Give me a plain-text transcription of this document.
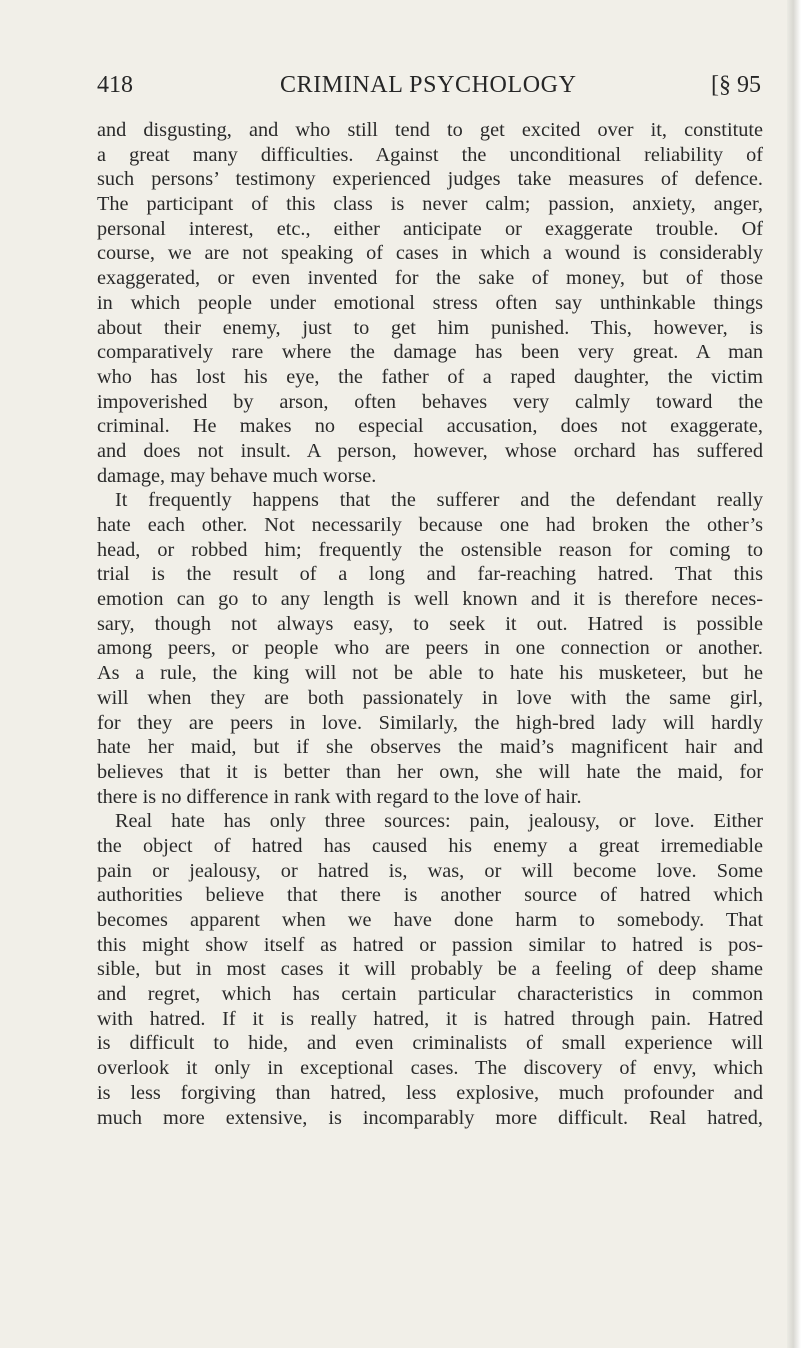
418	CRIMINAL PSYCHOLOGY	[§ 95
and disgusting, and who still tend to get excited over it, constitute
a great many difficulties. Against the unconditional reliability of
such persons’ testimony experienced judges take measures of defence.
The participant of this class is never calm; passion, anxiety, anger,
personal interest, etc., either anticipate or exaggerate trouble. Of
course, we are not speaking of cases in which a wound is considerably
exaggerated, or even invented for the sake of money, but of those
in which people under emotional stress often say unthinkable things
about their enemy, just to get him punished. This, however, is
comparatively rare where the damage has been very great. A man
who has lost his eye, the father of a raped daughter, the victim
impoverished by arson, often behaves very calmly toward the
criminal. He makes no especial accusation, does not exaggerate,
and does not insult. A person, however, whose orchard has suffered
damage, may behave much worse.
It frequently happens that the sufferer and the defendant really
hate each other. Not necessarily because one had broken the other’s
head, or robbed him; frequently the ostensible reason for coming to
trial is the result of a long and far-reaching hatred. That this
emotion can go to any length is well known and it is therefore neces-
sary, though not always easy, to seek it out. Hatred is possible
among peers, or people who are peers in one connection or another.
As a rule, the king will not be able to hate his musketeer, but he
will when they are both passionately in love with the same girl,
for they are peers in love. Similarly, the high-bred lady will hardly
hate her maid, but if she observes the maid’s magnificent hair and
believes that it is better than her own, she will hate the maid, for
there is no difference in rank with regard to the love of hair.
Real hate has only three sources: pain, jealousy, or love. Either
the object of hatred has caused his enemy a great irremediable
pain or jealousy, or hatred is, was, or will become love. Some
authorities believe that there is another source of hatred which
becomes apparent when we have done harm to somebody. That
this might show itself as hatred or passion similar to hatred is pos-
sible, but in most cases it will probably be a feeling of deep shame
and regret, which has certain particular characteristics in common
with hatred. If it is really hatred, it is hatred through pain. Hatred
is difficult to hide, and even criminalists of small experience will
overlook it only in exceptional cases. The discovery of envy, which
is less forgiving than hatred, less explosive, much profounder and
much more extensive, is incomparably more difficult. Real hatred,
